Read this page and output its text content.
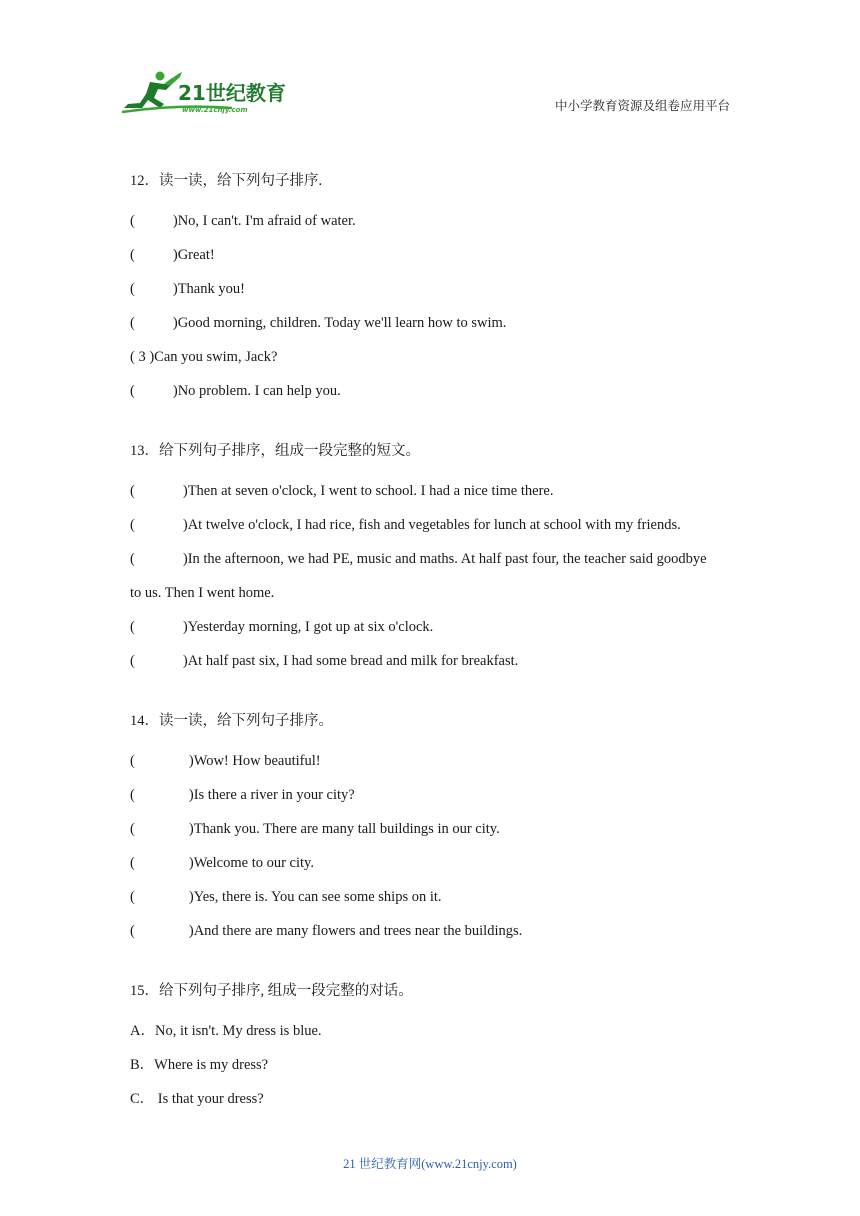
21世纪教育
www.21cnjy.com	中小学教育资源及组卷应用平台

12．读一读，给下列句子排序.

(	)No, I can't. I'm afraid of water.

(	)Great!

(	)Thank you!

(	)Good morning, children. Today we'll learn how to swim.

( 3 )Can you swim, Jack?

(	)No problem. I can help you.

13．给下列句子排序，组成一段完整的短文。

(	)Then at seven o'clock, I went to school. I had a nice time there.

(	)At twelve o'clock, I had rice, fish and vegetables for lunch at school with my friends.

(	)In the afternoon, we had PE, music and maths. At half past four, the teacher said goodbye

to us. Then I went home.

(	)Yesterday morning, I got up at six o'clock.

(	)At half past six, I had some bread and milk for breakfast.

14．读一读，给下列句子排序。

(	)Wow! How beautiful!

(	)Is there a river in your city?

(	)Thank you. There are many tall buildings in our city.

(	)Welcome to our city.

(	)Yes, there is. You can see some ships on it.

(	)And there are many flowers and trees near the buildings.

15．给下列句子排序, 组成一段完整的对话。

A．No, it isn't. My dress is blue.

B．Where is my dress?

C． Is that your dress?

21 世纪教育网(www.21cnjy.com)
